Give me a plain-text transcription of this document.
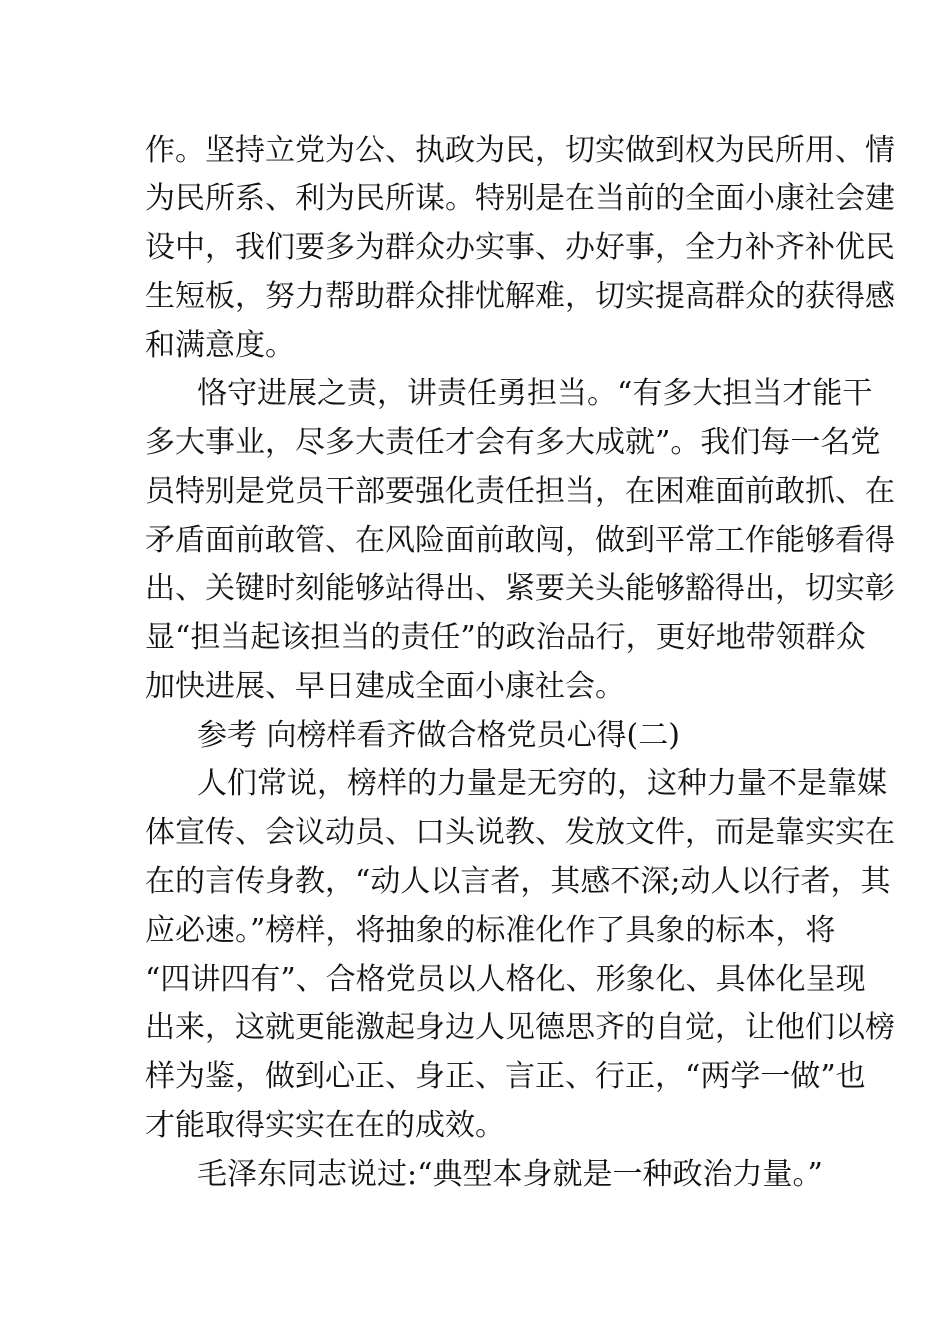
作。坚持立党为公、执政为民，切实做到权为民所用、情
为民所系、利为民所谋。特别是在当前的全面小康社会建
设中，我们要多为群众办实事、办好事，全力补齐补优民
生短板，努力帮助群众排忧解难，切实提高群众的获得感
和满意度。
恪守进展之责，讲责任勇担当。“有多大担当才能干
多大事业，尽多大责任才会有多大成就”。我们每一名党
员特别是党员干部要强化责任担当，在困难面前敢抓、在
矛盾面前敢管、在风险面前敢闯，做到平常工作能够看得
出、关键时刻能够站得出、紧要关头能够豁得出，切实彰
显“担当起该担当的责任”的政治品行，更好地带领群众
加快进展、早日建成全面小康社会。
参考 向榜样看齐做合格党员心得(二)
人们常说，榜样的力量是无穷的，这种力量不是靠媒
体宣传、会议动员、口头说教、发放文件，而是靠实实在
在的言传身教，“动人以言者，其感不深;动人以行者，其
应必速。”榜样，将抽象的标准化作了具象的标本，将
“四讲四有”、合格党员以人格化、形象化、具体化呈现
出来，这就更能激起身边人见德思齐的自觉，让他们以榜
样为鉴，做到心正、身正、言正、行正，“两学一做”也
才能取得实实在在的成效。
毛泽东同志说过:“典型本身就是一种政治力量。”
